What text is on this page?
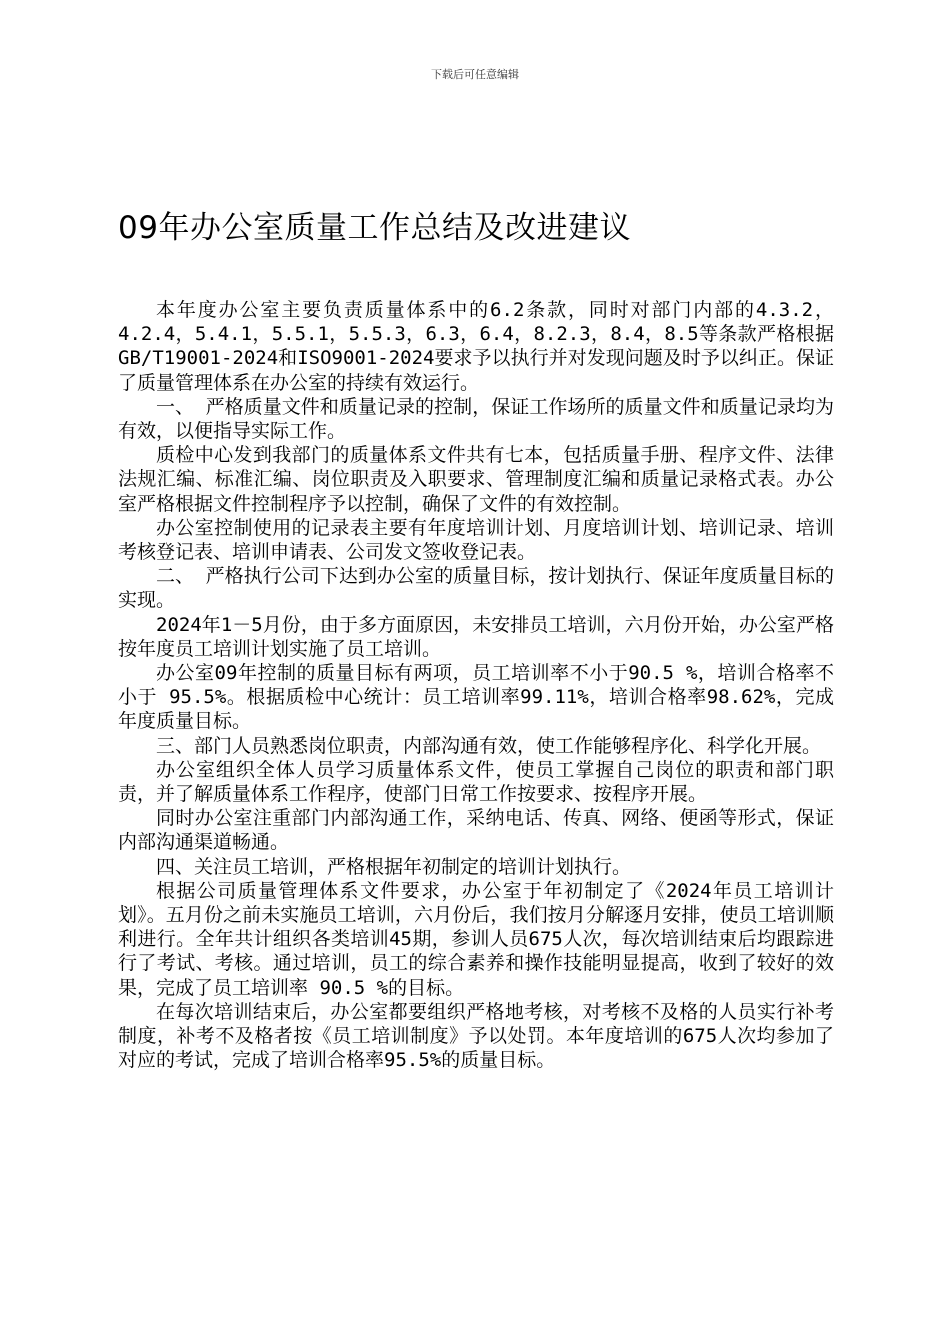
下载后可任意编辑
09年办公室质量工作总结及改进建议

本年度办公室主要负责质量体系中的6.2条款，同时对部门内部的4.3.2，4.2.4，5.4.1，5.5.1，5.5.3，6.3，6.4，8.2.3，8.4，8.5等条款严格根据GB/T19001-2024和ISO9001-2024要求予以执行并对发现问题及时予以纠正。保证了质量管理体系在办公室的持续有效运行。

一、 严格质量文件和质量记录的控制，保证工作场所的质量文件和质量记录均为有效，以便指导实际工作。

质检中心发到我部门的质量体系文件共有七本，包括质量手册、程序文件、法律法规汇编、标准汇编、岗位职责及入职要求、管理制度汇编和质量记录格式表。办公室严格根据文件控制程序予以控制，确保了文件的有效控制。

办公室控制使用的记录表主要有年度培训计划、月度培训计划、培训记录、培训考核登记表、培训申请表、公司发文签收登记表。

二、 严格执行公司下达到办公室的质量目标，按计划执行、保证年度质量目标的实现。

2024年1－5月份，由于多方面原因，未安排员工培训，六月份开始，办公室严格按年度员工培训计划实施了员工培训。

办公室09年控制的质量目标有两项，员工培训率不小于90.5 %，培训合格率不小于 95.5%。根据质检中心统计：员工培训率99.11%，培训合格率98.62%，完成年度质量目标。

三、部门人员熟悉岗位职责，内部沟通有效，使工作能够程序化、科学化开展。

办公室组织全体人员学习质量体系文件，使员工掌握自己岗位的职责和部门职责，并了解质量体系工作程序，使部门日常工作按要求、按程序开展。

同时办公室注重部门内部沟通工作，采纳电话、传真、网络、便函等形式，保证内部沟通渠道畅通。

四、关注员工培训，严格根据年初制定的培训计划执行。

根据公司质量管理体系文件要求，办公室于年初制定了《2024年员工培训计划》。五月份之前未实施员工培训，六月份后，我们按月分解逐月安排，使员工培训顺利进行。全年共计组织各类培训45期，参训人员675人次，每次培训结束后均跟踪进行了考试、考核。通过培训，员工的综合素养和操作技能明显提高，收到了较好的效果，完成了员工培训率 90.5 %的目标。

在每次培训结束后，办公室都要组织严格地考核，对考核不及格的人员实行补考制度，补考不及格者按《员工培训制度》予以处罚。本年度培训的675人次均参加了对应的考试，完成了培训合格率95.5%的质量目标。
